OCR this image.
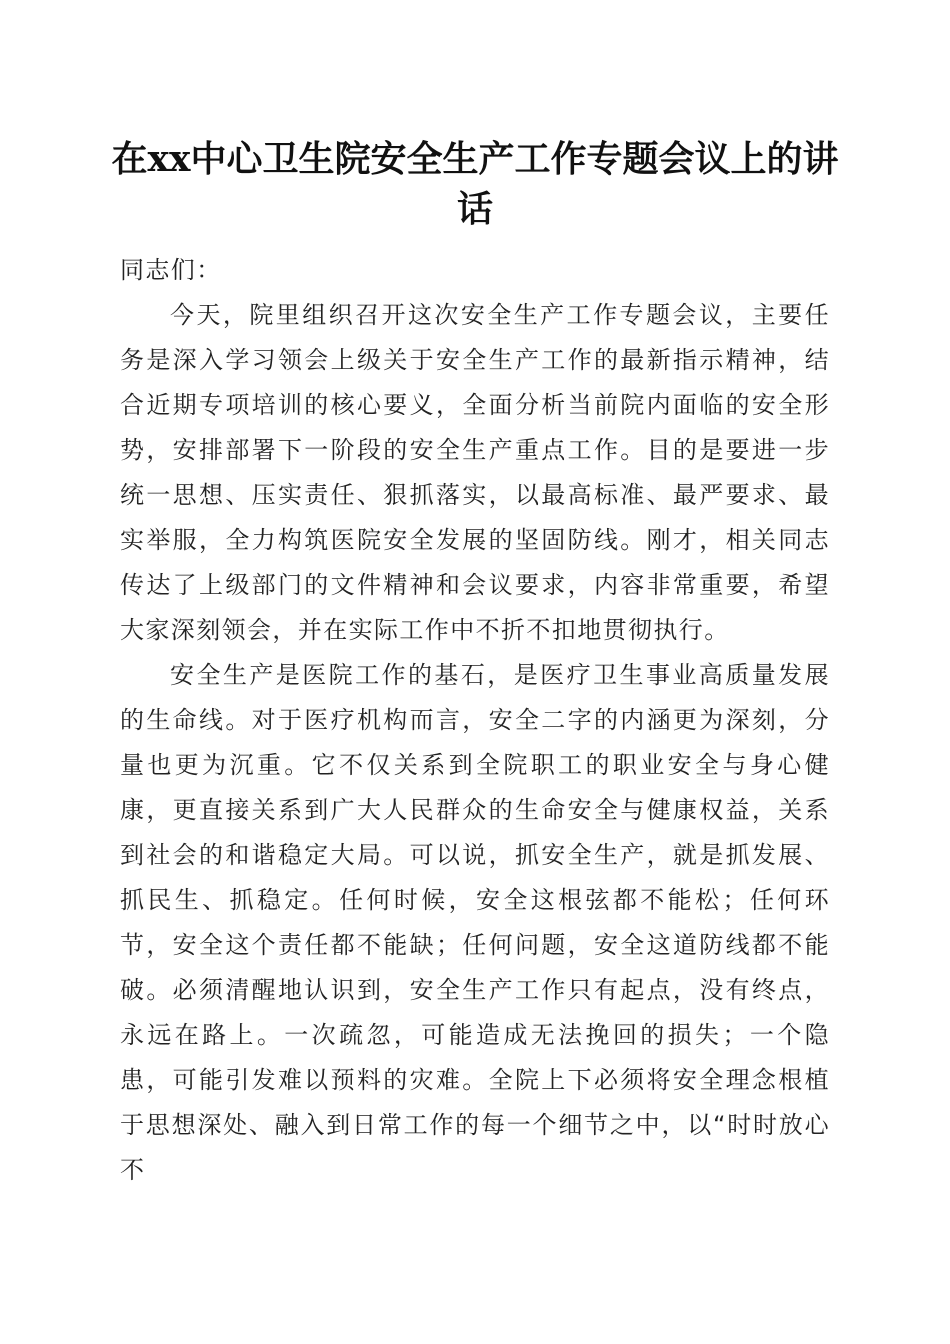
在xx中心卫生院安全生产工作专题会议上的讲话

同志们：

今天，院里组织召开这次安全生产工作专题会议，主要任务是深入学习领会上级关于安全生产工作的最新指示精神，结合近期专项培训的核心要义，全面分析当前院内面临的安全形势，安排部署下一阶段的安全生产重点工作。目的是要进一步统一思想、压实责任、狠抓落实，以最高标准、最严要求、最实举服，全力构筑医院安全发展的坚固防线。刚才，相关同志传达了上级部门的文件精神和会议要求，内容非常重要，希望大家深刻领会，并在实际工作中不折不扣地贯彻执行。

安全生产是医院工作的基石，是医疗卫生事业高质量发展的生命线。对于医疗机构而言，安全二字的内涵更为深刻，分量也更为沉重。它不仅关系到全院职工的职业安全与身心健康，更直接关系到广大人民群众的生命安全与健康权益，关系到社会的和谐稳定大局。可以说，抓安全生产，就是抓发展、抓民生、抓稳定。任何时候，安全这根弦都不能松；任何环节，安全这个责任都不能缺；任何问题，安全这道防线都不能破。必须清醒地认识到，安全生产工作只有起点，没有终点，永远在路上。一次疏忽，可能造成无法挽回的损失；一个隐患，可能引发难以预料的灾难。全院上下必须将安全理念根植于思想深处、融入到日常工作的每一个细节之中，以“时时放心不
